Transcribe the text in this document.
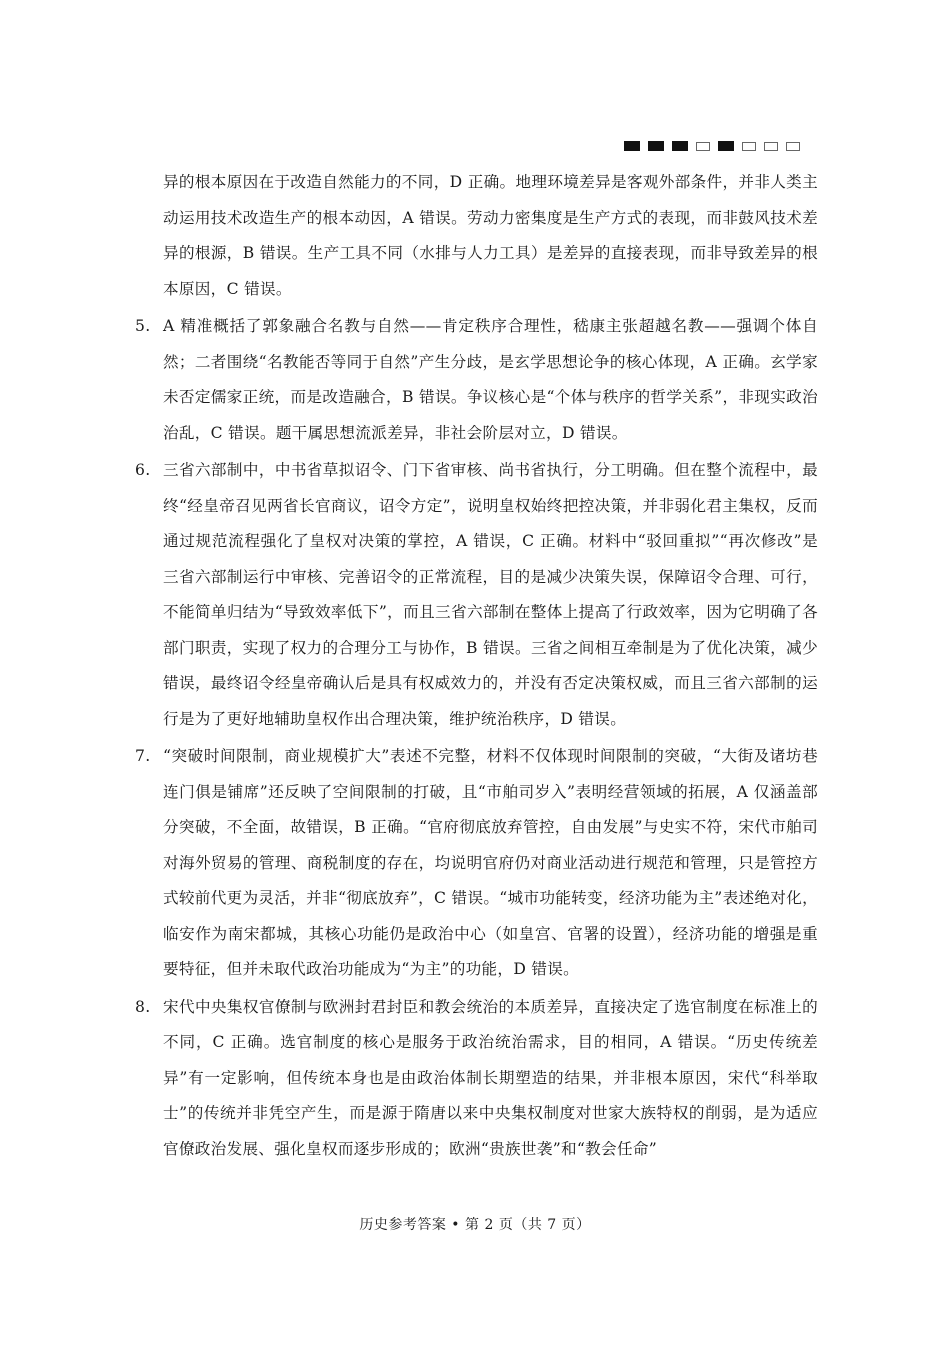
异的根本原因在于改造自然能力的不同，D 正确。地理环境差异是客观外部条件，并非人类主动运用技术改造生产的根本动因，A 错误。劳动力密集度是生产方式的表现，而非鼓风技术差异的根源，B 错误。生产工具不同（水排与人力工具）是差异的直接表现，而非导致差异的根本原因，C 错误。
5. A 精准概括了郭象融合名教与自然——肯定秩序合理性，嵇康主张超越名教——强调个体自然；二者围绕“名教能否等同于自然”产生分歧，是玄学思想论争的核心体现，A 正确。玄学家未否定儒家正统，而是改造融合，B 错误。争议核心是“个体与秩序的哲学关系”，非现实政治治乱，C 错误。题干属思想流派差异，非社会阶层对立，D 错误。
6. 三省六部制中，中书省草拟诏令、门下省审核、尚书省执行，分工明确。但在整个流程中，最终“经皇帝召见两省长官商议，诏令方定”，说明皇权始终把控决策，并非弱化君主集权，反而通过规范流程强化了皇权对决策的掌控，A 错误，C 正确。材料中“驳回重拟”“再次修改”是三省六部制运行中审核、完善诏令的正常流程，目的是减少决策失误，保障诏令合理、可行，不能简单归结为“导致效率低下”，而且三省六部制在整体上提高了行政效率，因为它明确了各部门职责，实现了权力的合理分工与协作，B 错误。三省之间相互牵制是为了优化决策，减少错误，最终诏令经皇帝确认后是具有权威效力的，并没有否定决策权威，而且三省六部制的运行是为了更好地辅助皇权作出合理决策，维护统治秩序，D 错误。
7. “突破时间限制，商业规模扩大”表述不完整，材料不仅体现时间限制的突破，“大街及诸坊巷连门俱是铺席”还反映了空间限制的打破，且“市舶司岁入”表明经营领域的拓展，A 仅涵盖部分突破，不全面，故错误，B 正确。“官府彻底放弃管控，自由发展”与史实不符，宋代市舶司对海外贸易的管理、商税制度的存在，均说明官府仍对商业活动进行规范和管理，只是管控方式较前代更为灵活，并非“彻底放弃”，C 错误。“城市功能转变，经济功能为主”表述绝对化，临安作为南宋都城，其核心功能仍是政治中心（如皇宫、官署的设置），经济功能的增强是重要特征，但并未取代政治功能成为“为主”的功能，D 错误。
8. 宋代中央集权官僚制与欧洲封君封臣和教会统治的本质差异，直接决定了选官制度在标准上的不同，C 正确。选官制度的核心是服务于政治统治需求，目的相同，A 错误。“历史传统差异”有一定影响，但传统本身也是由政治体制长期塑造的结果，并非根本原因，宋代“科举取士”的传统并非凭空产生，而是源于隋唐以来中央集权制度对世家大族特权的削弱，是为适应官僚政治发展、强化皇权而逐步形成的；欧洲“贵族世袭”和“教会任命”
历史参考答案 • 第 2 页（共 7 页）
